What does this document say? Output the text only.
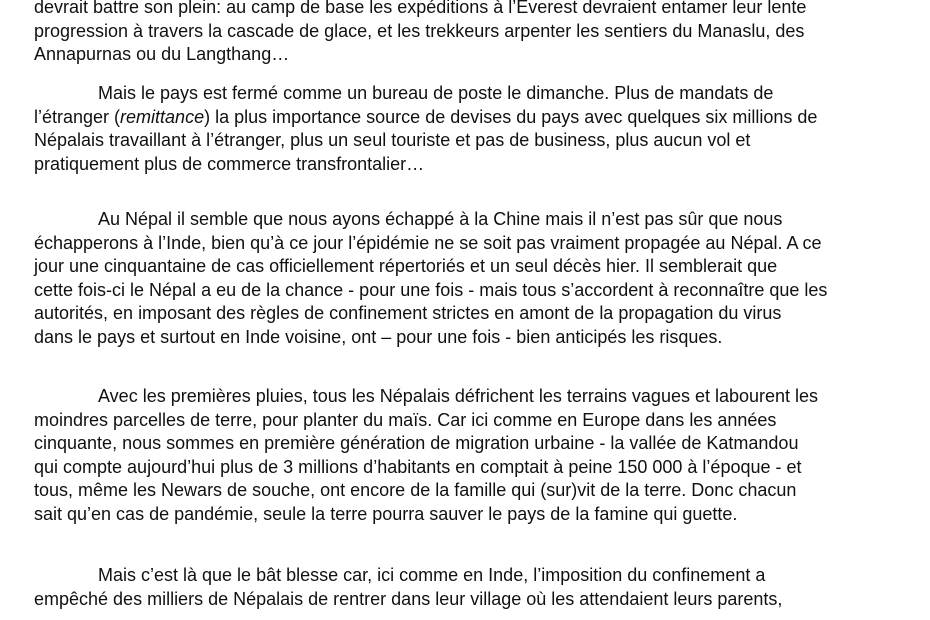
devrait battre son plein: au camp de base les expéditions à l’Everest devraient entamer leur lente
progression à travers la cascade de glace, et les trekkeurs arpenter les sentiers du Manaslu, des
Annapurnas ou du Langthang…
Mais le pays est fermé comme un bureau de poste le dimanche. Plus de mandats de
l’étranger (remittance) la plus importance source de devises du pays avec quelques six millions de
Népalais travaillant à l’étranger, plus un seul touriste et pas de business, plus aucun vol et
pratiquement plus de commerce transfrontalier…
Au Népal il semble que nous ayons échappé à la Chine mais il n’est pas sûr que nous
échapperons à l’Inde, bien qu’à ce jour l’épidémie ne se soit pas vraiment propagée au Népal. A ce
jour une cinquantaine de cas officiellement répertoriés et un seul décès hier. Il semblerait que
cette fois-ci le Népal a eu de la chance - pour une fois - mais tous s’accordent à reconnaître que les
autorités, en imposant des règles de confinement strictes en amont de la propagation du virus
dans le pays et surtout en Inde voisine, ont – pour une fois - bien anticipés les risques.
Avec les premières pluies, tous les Népalais défrichent les terrains vagues et labourent les
moindres parcelles de terre, pour planter du maïs. Car ici comme en Europe dans les années
cinquante, nous sommes en première génération de migration urbaine - la vallée de Katmandou
qui compte aujourd’hui plus de 3 millions d’habitants en comptait à peine 150 000 à l’époque - et
tous, même les Newars de souche, ont encore de la famille qui (sur)vit de la terre. Donc chacun
sait qu’en cas de pandémie, seule la terre pourra sauver le pays de la famine qui guette.
Mais c’est là que le bât blesse car, ici comme en Inde, l’imposition du confinement a
empêché des milliers de Népalais de rentrer dans leur village où les attendaient leurs parents,
